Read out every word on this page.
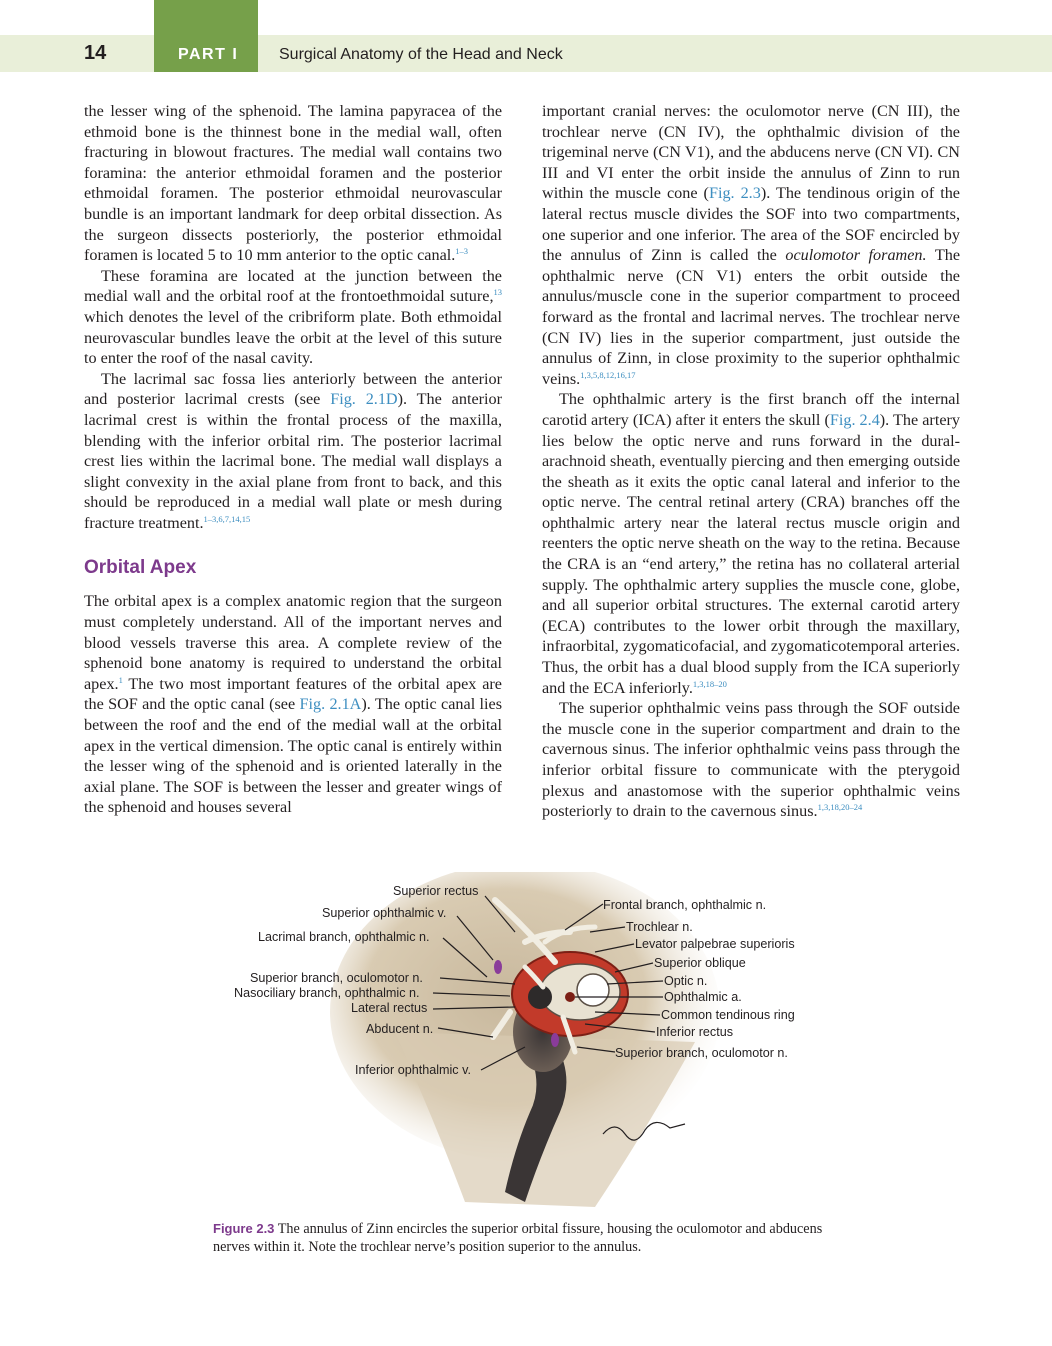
14	PART I	Surgical Anatomy of the Head and Neck

the lesser wing of the sphenoid. The lamina papyracea of the ethmoid bone is the thinnest bone in the medial wall, often fracturing in blowout fractures. The medial wall contains two foramina: the anterior ethmoidal foramen and the posterior ethmoidal foramen. The posterior ethmoidal neurovascular bundle is an important landmark for deep orbital dissection. As the surgeon dissects posteriorly, the posterior ethmoidal foramen is located 5 to 10 mm anterior to the optic canal.$^{1-3}$

These foramina are located at the junction between the medial wall and the orbital roof at the frontoethmoidal suture,$^{13}$ which denotes the level of the cribriform plate. Both ethmoidal neurovascular bundles leave the orbit at the level of this suture to enter the roof of the nasal cavity.

The lacrimal sac fossa lies anteriorly between the anterior and posterior lacrimal crests (see Fig. 2.1D). The anterior lacrimal crest is within the frontal process of the maxilla, blending with the inferior orbital rim. The posterior lacrimal crest lies within the lacrimal bone. The medial wall displays a slight convexity in the axial plane from front to back, and this should be reproduced in a medial wall plate or mesh during fracture treatment.$^{1-3,6,7,14,15}$

Orbital Apex

The orbital apex is a complex anatomic region that the surgeon must completely understand. All of the important nerves and blood vessels traverse this area. A complete review of the sphenoid bone anatomy is required to understand the orbital apex.$^1$ The two most important features of the orbital apex are the SOF and the optic canal (see Fig. 2.1A). The optic canal lies between the roof and the end of the medial wall at the orbital apex in the vertical dimension. The optic canal is entirely within the lesser wing of the sphenoid and is oriented laterally in the axial plane. The SOF is between the lesser and greater wings of the sphenoid and houses several

important cranial nerves: the oculomotor nerve (CN III), the trochlear nerve (CN IV), the ophthalmic division of the trigeminal nerve (CN V1), and the abducens nerve (CN VI). CN III and VI enter the orbit inside the annulus of Zinn to run within the muscle cone (Fig. 2.3). The tendinous origin of the lateral rectus muscle divides the SOF into two compartments, one superior and one inferior. The area of the SOF encircled by the annulus of Zinn is called the oculomotor foramen. The ophthalmic nerve (CN V1) enters the orbit outside the annulus/muscle cone in the superior compartment to proceed forward as the frontal and lacrimal nerves. The trochlear nerve (CN IV) lies in the superior compartment, just outside the annulus of Zinn, in close proximity to the superior ophthalmic veins.$^{1,3,5,8,12,16,17}$

The ophthalmic artery is the first branch off the internal carotid artery (ICA) after it enters the skull (Fig. 2.4). The artery lies below the optic nerve and runs forward in the dural-arachnoid sheath, eventually piercing and then emerging outside the sheath as it exits the optic canal lateral and inferior to the optic nerve. The central retinal artery (CRA) branches off the ophthalmic artery near the lateral rectus muscle origin and reenters the optic nerve sheath on the way to the retina. Because the CRA is an “end artery,” the retina has no collateral arterial supply. The ophthalmic artery supplies the muscle cone, globe, and all superior orbital structures. The external carotid artery (ECA) contributes to the lower orbit through the maxillary, infraorbital, zygomaticofacial, and zygomaticotemporal arteries. Thus, the orbit has a dual blood supply from the ICA superiorly and the ECA inferiorly.$^{1,3,18-20}$

The superior ophthalmic veins pass through the SOF outside the muscle cone in the superior compartment and drain to the cavernous sinus. The inferior ophthalmic veins pass through the inferior orbital fissure to communicate with the pterygoid plexus and anastomose with the superior ophthalmic veins posteriorly to drain to the cavernous sinus.$^{1,3,18,20-24}$

Superior rectus
Superior ophthalmic v.
Lacrimal branch, ophthalmic n.
Superior branch, oculomotor n.
Nasociliary branch, ophthalmic n.
Lateral rectus
Abducent n.
Inferior ophthalmic v.
Frontal branch, ophthalmic n.
Trochlear n.
Levator palpebrae superioris
Superior oblique
Optic n.
Ophthalmic a.
Common tendinous ring
Inferior rectus
Superior branch, oculomotor n.
Figure 2.3 The annulus of Zinn encircles the superior orbital fissure, housing the oculomotor and abducens nerves within it. Note the trochlear nerve’s position superior to the annulus.
